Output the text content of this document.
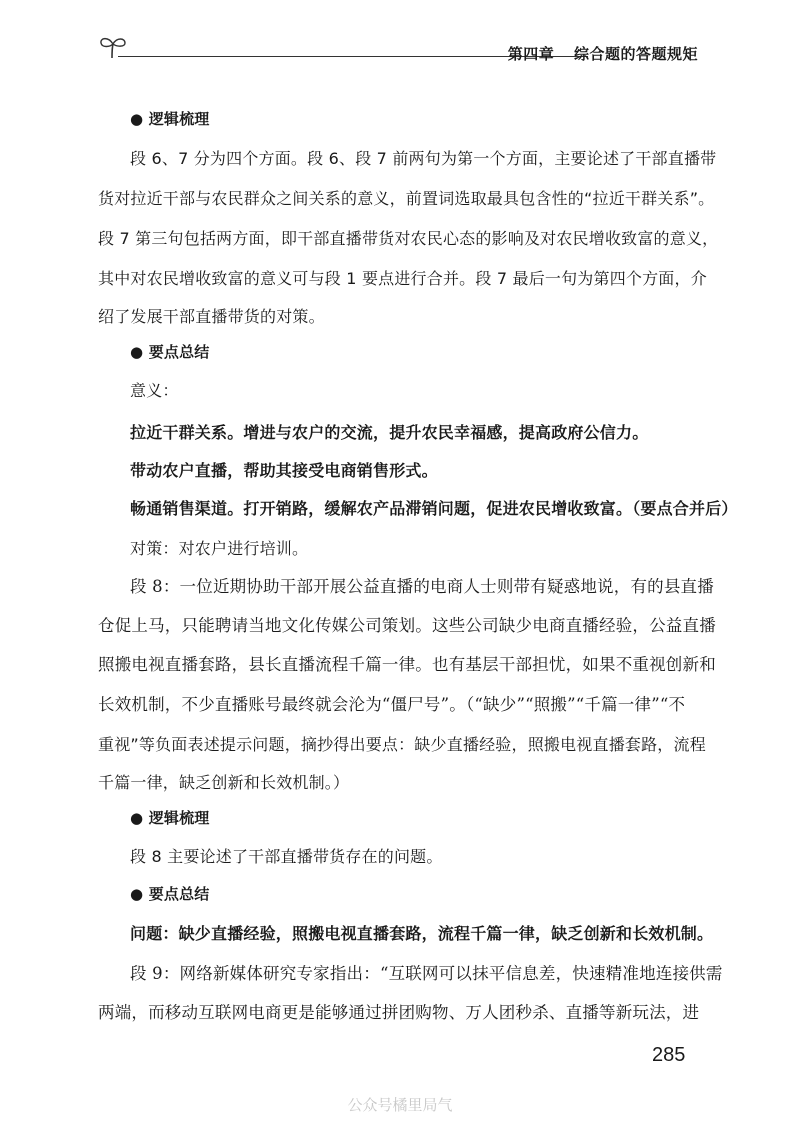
第四章 综合题的答题规矩
● 逻辑梳理
段 6、7 分为四个方面。段 6、段 7 前两句为第一个方面，主要论述了干部直播带
货对拉近干部与农民群众之间关系的意义，前置词选取最具包含性的“拉近干群关系”。
段 7 第三句包括两方面，即干部直播带货对农民心态的影响及对农民增收致富的意义，
其中对农民增收致富的意义可与段 1 要点进行合并。段 7 最后一句为第四个方面，介
绍了发展干部直播带货的对策。
● 要点总结
意义：
拉近干群关系。增进与农户的交流，提升农民幸福感，提高政府公信力。
带动农户直播，帮助其接受电商销售形式。
畅通销售渠道。打开销路，缓解农产品滞销问题，促进农民增收致富。（要点合并后）
对策：对农户进行培训。
段 8：一位近期协助干部开展公益直播的电商人士则带有疑惑地说，有的县直播
仓促上马，只能聘请当地文化传媒公司策划。这些公司缺少电商直播经验，公益直播
照搬电视直播套路，县长直播流程千篇一律。也有基层干部担忧，如果不重视创新和
长效机制，不少直播账号最终就会沦为“僵尸号”。（“缺少”“照搬”“千篇一律”“不
重视”等负面表述提示问题，摘抄得出要点：缺少直播经验，照搬电视直播套路，流程
千篇一律，缺乏创新和长效机制。）
● 逻辑梳理
段 8 主要论述了干部直播带货存在的问题。
● 要点总结
问题：缺少直播经验，照搬电视直播套路，流程千篇一律，缺乏创新和长效机制。
段 9：网络新媒体研究专家指出：“互联网可以抹平信息差，快速精准地连接供需
两端，而移动互联网电商更是能够通过拼团购物、万人团秒杀、直播等新玩法，进
285
公众号橘里局气
